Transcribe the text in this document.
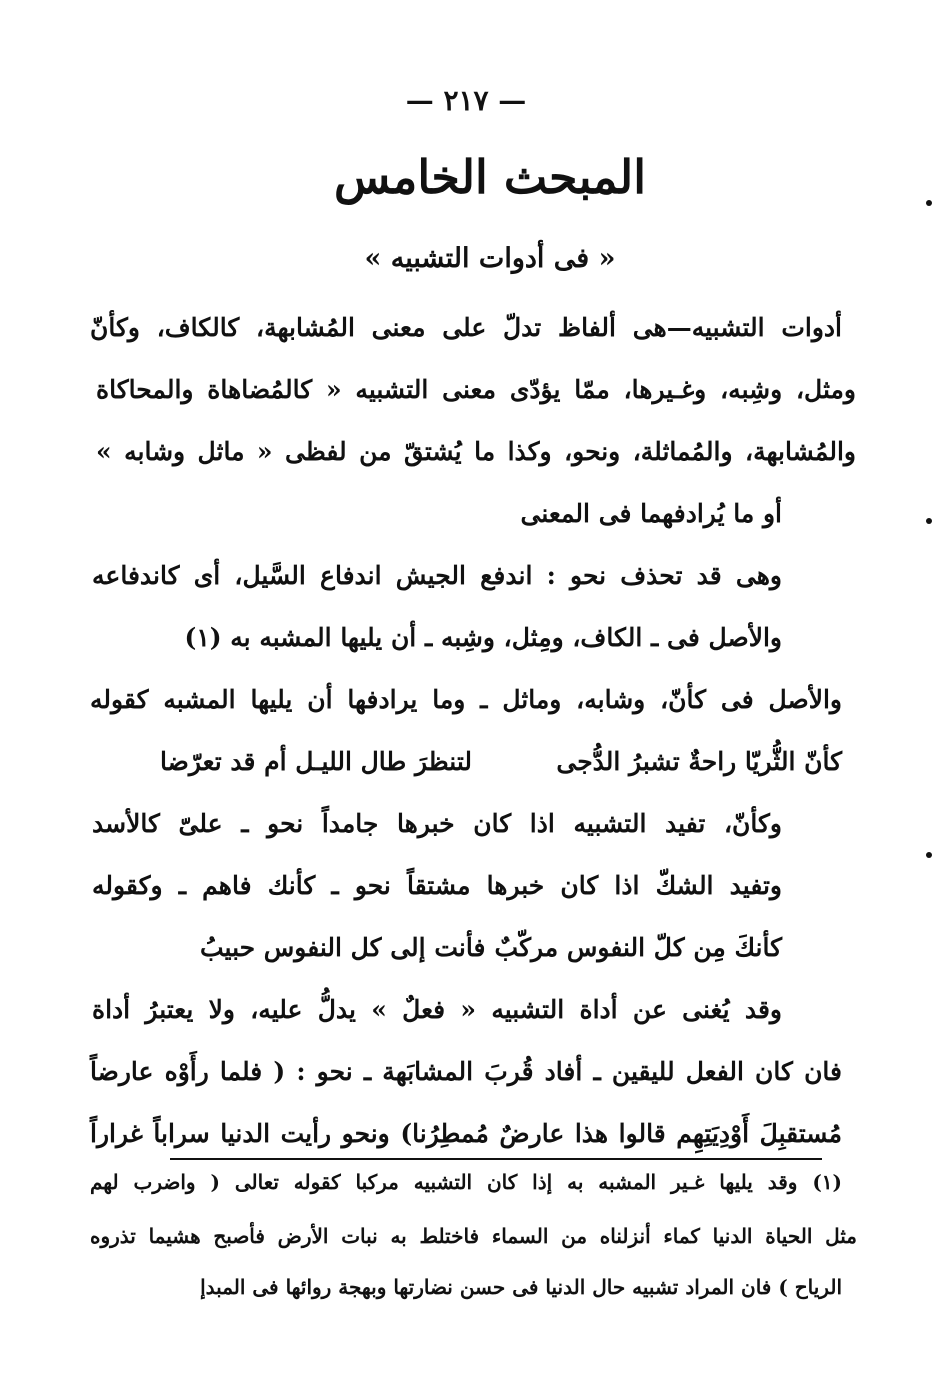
— ٢١٧ —
المبحث الخامس
« فى أدوات التشبيه »
أدوات التشبيه—هى ألفاظ تدلّ على معنى المُشابهة، كالكاف، وكأنّ
ومثل، وشِبه، وغـيرها، ممّا يؤدّى معنى التشبيه « كالمُضاهاة والمحاكاة
والمُشابهة، والمُماثلة، ونحو، وكذا ما يُشتقّ من لفظى « ماثل وشابه »
أو ما يُرادفهما فى المعنى
وهى قد تحذف نحو : اندفع الجيش اندفاع السَّيل، أى كاندفاعه
والأصل فى ـ الكاف، ومِثل، وشِبه ـ أن يليها المشبه به (١)
والأصل فى كأنّ، وشابه، وماثل ـ وما يرادفها أن يليها المشبه كقوله
كأنّ الثُّريّا راحةٌ تشبرُ الدُّجى
لتنظرَ طال الليـل أم قد تعرّضا
وكأنّ، تفيد التشبيه اذا كان خبرها جامداً نحو ـ علىّ كالأسد
وتفيد الشكّ اذا كان خبرها مشتقاً نحو ـ كأنك فاهم ـ وكقوله
كأنكَ مِن كلّ النفوس مركّبٌ
فأنت إلى كل النفوس حبيبُ
وقد يُغنى عن أداة التشبيه « فعلٌ » يدلُّ عليه، ولا يعتبرُ أداة
فان كان الفعل لليقين ـ أفاد قُربَ المشابَهة ـ نحو : ( فلما رأَوْه عارضاً
مُستقبِلَ أَوْدِيَتِهِم قالوا هذا عارضٌ مُمطِرُنا) ونحو رأيت الدنيا سراباً غراراً
(١) وقد يليها غـير المشبه به إذا كان التشبيه مركبا كقوله تعالى ( واضرب لهم
مثل الحياة الدنيا كماء أنزلناه من السماء فاختلط به نبات الأرض فأصبح هشيما تذروه
الرياح ) فان المراد تشبيه حال الدنيا فى حسن نضارتها وبهجة روائها فى المبدإ
